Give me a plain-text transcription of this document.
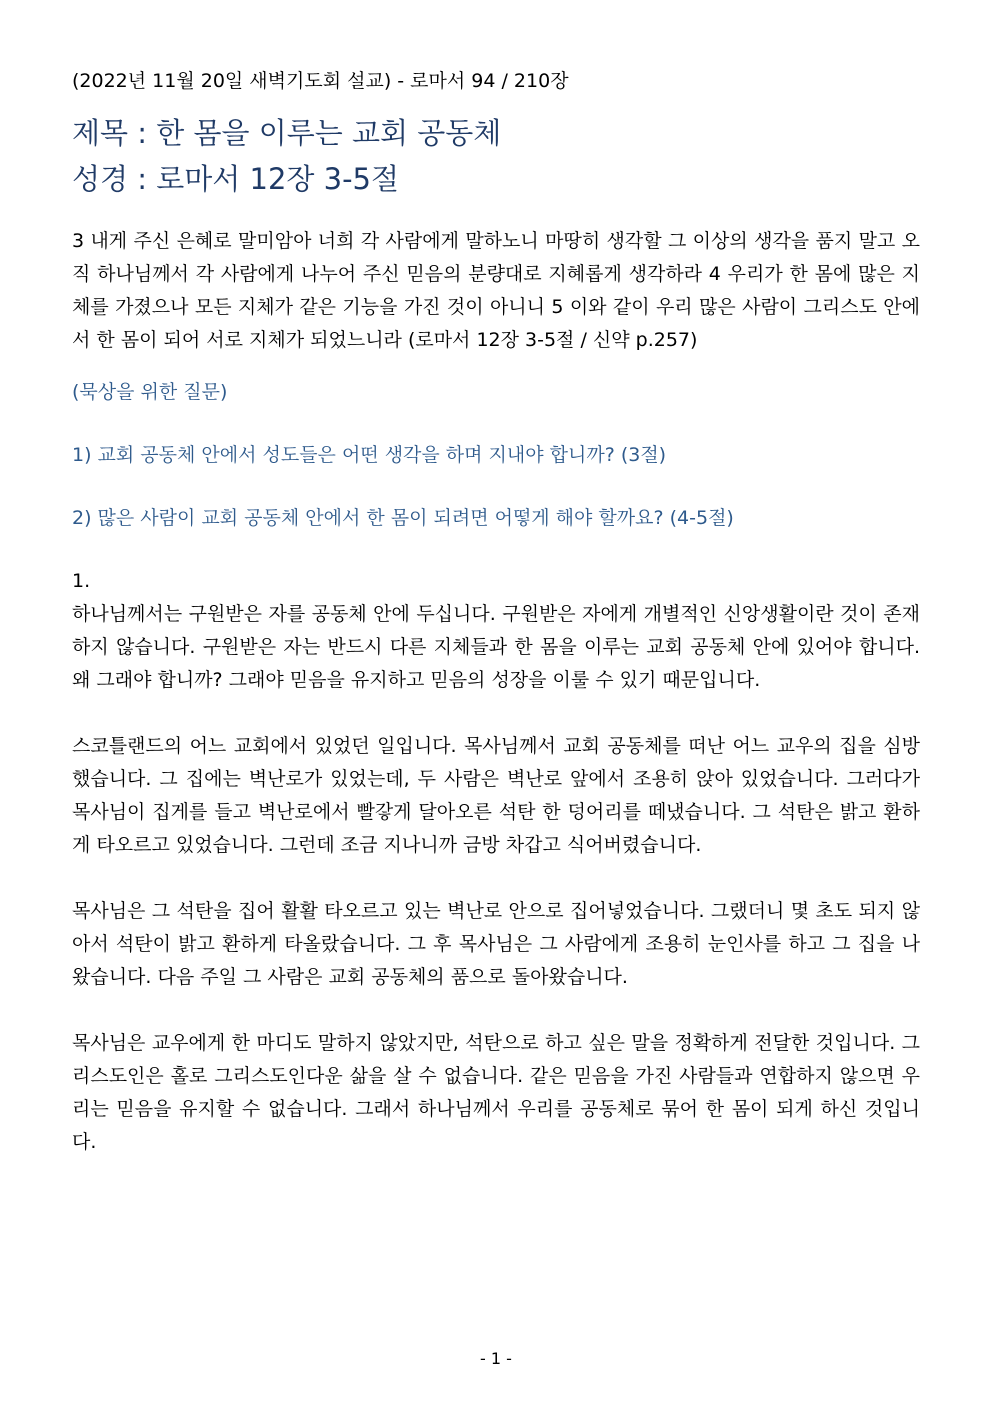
(2022년 11월 20일 새벽기도회 설교) - 로마서 94 / 210장

제목 : 한 몸을 이루는 교회 공동체

성경 : 로마서 12장 3-5절

3 내게 주신 은혜로 말미암아 너희 각 사람에게 말하노니 마땅히 생각할 그 이상의 생각을 품지 말고 오직 하나님께서 각 사람에게 나누어 주신 믿음의 분량대로 지혜롭게 생각하라 4 우리가 한 몸에 많은 지체를 가졌으나 모든 지체가 같은 기능을 가진 것이 아니니 5 이와 같이 우리 많은 사람이 그리스도 안에서 한 몸이 되어 서로 지체가 되었느니라 (로마서 12장 3-5절 / 신약 p.257)

(묵상을 위한 질문)

1) 교회 공동체 안에서 성도들은 어떤 생각을 하며 지내야 합니까? (3절)

2) 많은 사람이 교회 공동체 안에서 한 몸이 되려면 어떻게 해야 할까요? (4-5절)

1.

하나님께서는 구원받은 자를 공동체 안에 두십니다. 구원받은 자에게 개별적인 신앙생활이란 것이 존재하지 않습니다. 구원받은 자는 반드시 다른 지체들과 한 몸을 이루는 교회 공동체 안에 있어야 합니다. 왜 그래야 합니까? 그래야 믿음을 유지하고 믿음의 성장을 이룰 수 있기 때문입니다.

스코틀랜드의 어느 교회에서 있었던 일입니다. 목사님께서 교회 공동체를 떠난 어느 교우의 집을 심방했습니다. 그 집에는 벽난로가 있었는데, 두 사람은 벽난로 앞에서 조용히 앉아 있었습니다. 그러다가 목사님이 집게를 들고 벽난로에서 빨갛게 달아오른 석탄 한 덩어리를 떼냈습니다. 그 석탄은 밝고 환하게 타오르고 있었습니다. 그런데 조금 지나니까 금방 차갑고 식어버렸습니다.

목사님은 그 석탄을 집어 활활 타오르고 있는 벽난로 안으로 집어넣었습니다. 그랬더니 몇 초도 되지 않아서 석탄이 밝고 환하게 타올랐습니다. 그 후 목사님은 그 사람에게 조용히 눈인사를 하고 그 집을 나왔습니다. 다음 주일 그 사람은 교회 공동체의 품으로 돌아왔습니다.

목사님은 교우에게 한 마디도 말하지 않았지만, 석탄으로 하고 싶은 말을 정확하게 전달한 것입니다. 그리스도인은 홀로 그리스도인다운 삶을 살 수 없습니다. 같은 믿음을 가진 사람들과 연합하지 않으면 우리는 믿음을 유지할 수 없습니다. 그래서 하나님께서 우리를 공동체로 묶어 한 몸이 되게 하신 것입니다.

- 1 -
